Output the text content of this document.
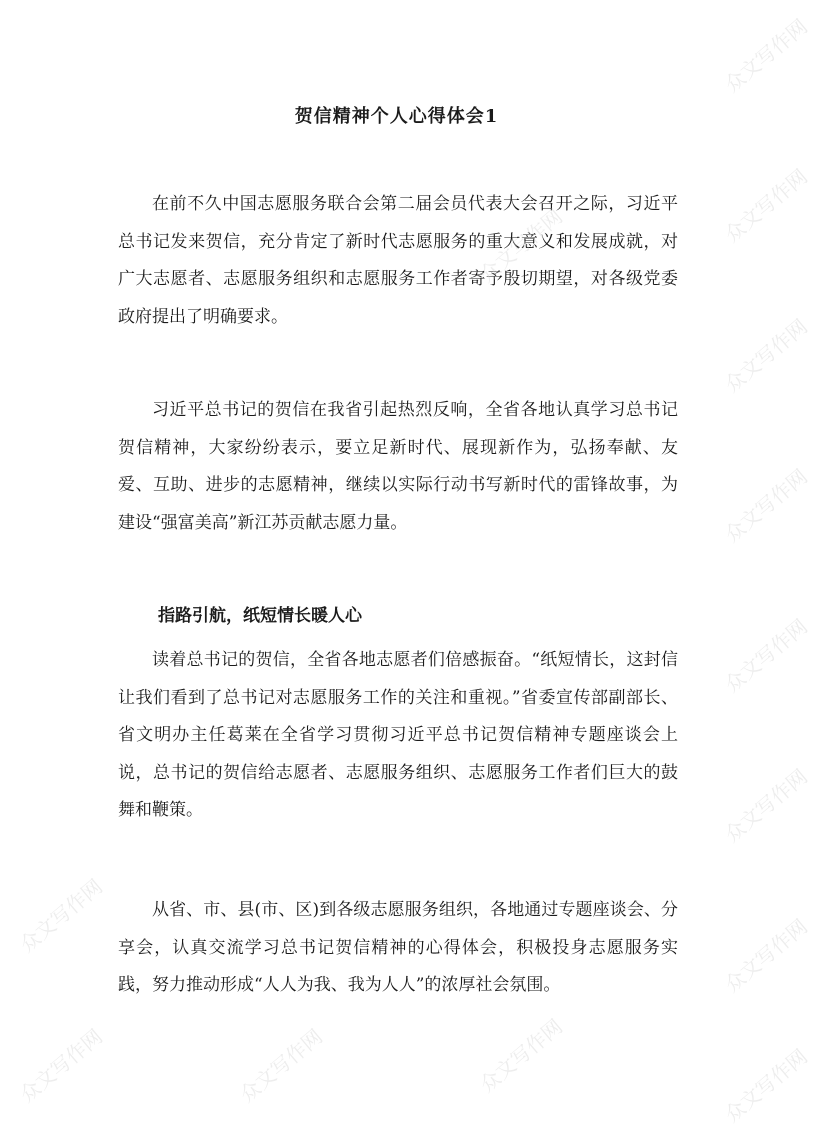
贺信精神个人心得体会1

在前不久中国志愿服务联合会第二届会员代表大会召开之际，习近平总书记发来贺信，充分肯定了新时代志愿服务的重大意义和发展成就，对广大志愿者、志愿服务组织和志愿服务工作者寄予殷切期望，对各级党委政府提出了明确要求。

习近平总书记的贺信在我省引起热烈反响，全省各地认真学习总书记贺信精神，大家纷纷表示，要立足新时代、展现新作为，弘扬奉献、友爱、互助、进步的志愿精神，继续以实际行动书写新时代的雷锋故事，为建设“强富美高”新江苏贡献志愿力量。

指路引航，纸短情长暖人心

读着总书记的贺信，全省各地志愿者们倍感振奋。“纸短情长，这封信让我们看到了总书记对志愿服务工作的关注和重视。”省委宣传部副部长、省文明办主任葛莱在全省学习贯彻习近平总书记贺信精神专题座谈会上说，总书记的贺信给志愿者、志愿服务组织、志愿服务工作者们巨大的鼓舞和鞭策。

从省、市、县(市、区)到各级志愿服务组织，各地通过专题座谈会、分享会，认真交流学习总书记贺信精神的心得体会，积极投身志愿服务实践，努力推动形成“人人为我、我为人人”的浓厚社会氛围。

众文写作网
众文写作网
众文写作网
众文写作网
众文写作网
众文写作网
众文写作网
众文写作网
众文写作网
众文写作网
众文写作网
众文写作网
众文写作网
